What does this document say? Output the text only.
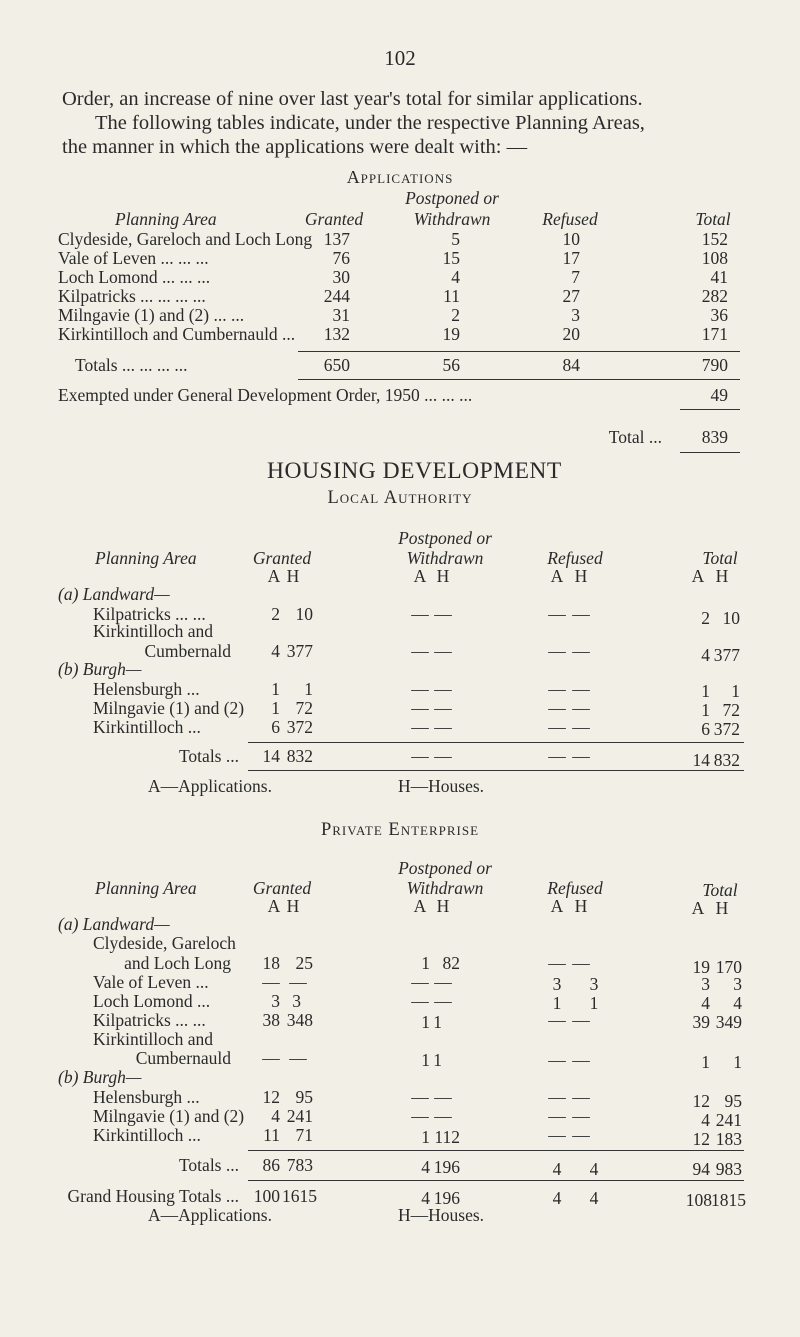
102
Order, an increase of nine over last year's total for similar applications.
The following tables indicate, under the respective Planning Areas,
the manner in which the applications were dealt with: —
Applications
Postponed or
Planning Area	Granted	Withdrawn	Refused	Total
Clydeside, Gareloch and Loch Long 137	5	10	152
Vale of Leven ... ... ...	76	15	17	108
Loch Lomond ... ... ...	30	4	7	41
Kilpatricks ... ... ... ...	244	11	27	282
Milngavie (1) and (2) ... ...	31	2	3	36
Kirkintilloch and Cumbernauld ...	132	19	20	171
Totals ... ... ... ...	650	56	84	790
Exempted under General Development Order, 1950 ... ... ...	49
Total ...	839
HOUSING DEVELOPMENT
Local Authority
Postponed or
Planning Area	Granted	Withdrawn	Refused	Total
A H	A H	A H	A H
(a) Landward—
Kilpatricks ... ...	2 10	— —	— —	2 10
Kirkintilloch and
Cumbernald	4 377	— —	— —	4 377
(b) Burgh—
Helensburgh ...	1	1	— —	— —	1	1
Milngavie (1) and (2)	1 72	— —	— —	1 72
Kirkintilloch ...	6 372	— —	— —	6 372
Totals ...	14 832	— —	— —	14 832
A—Applications.	H—Houses.
Private Enterprise
Postponed or
Planning Area	Granted	Withdrawn	Refused	Total
A H	A H	A H	A H
(a) Landward—
Clydeside, Gareloch
and Loch Long	18 25	1 82	— —	19 170
Vale of Leven ...	— —	— —	3	3	3	3
Loch Lomond ...	3 3	— —	1	1	4	4
Kilpatricks ... ...	38 348	1 1	— —	39 349
Kirkintilloch and
Cumbernauld — —	1 1	— —	1	1
(b) Burgh—
Helensburgh ...	12 95	— —	— —	12 95
Milngavie (1) and (2)	4 241	— —	— —	4 241
Kirkintilloch ...	11 71	1 112	— —	12 183
Totals ...	86 783	4 196	4	4	94 983
Grand Housing Totals ... 100 1615	4 196	4	4	108 1815
A—Applications.	H—Houses.
